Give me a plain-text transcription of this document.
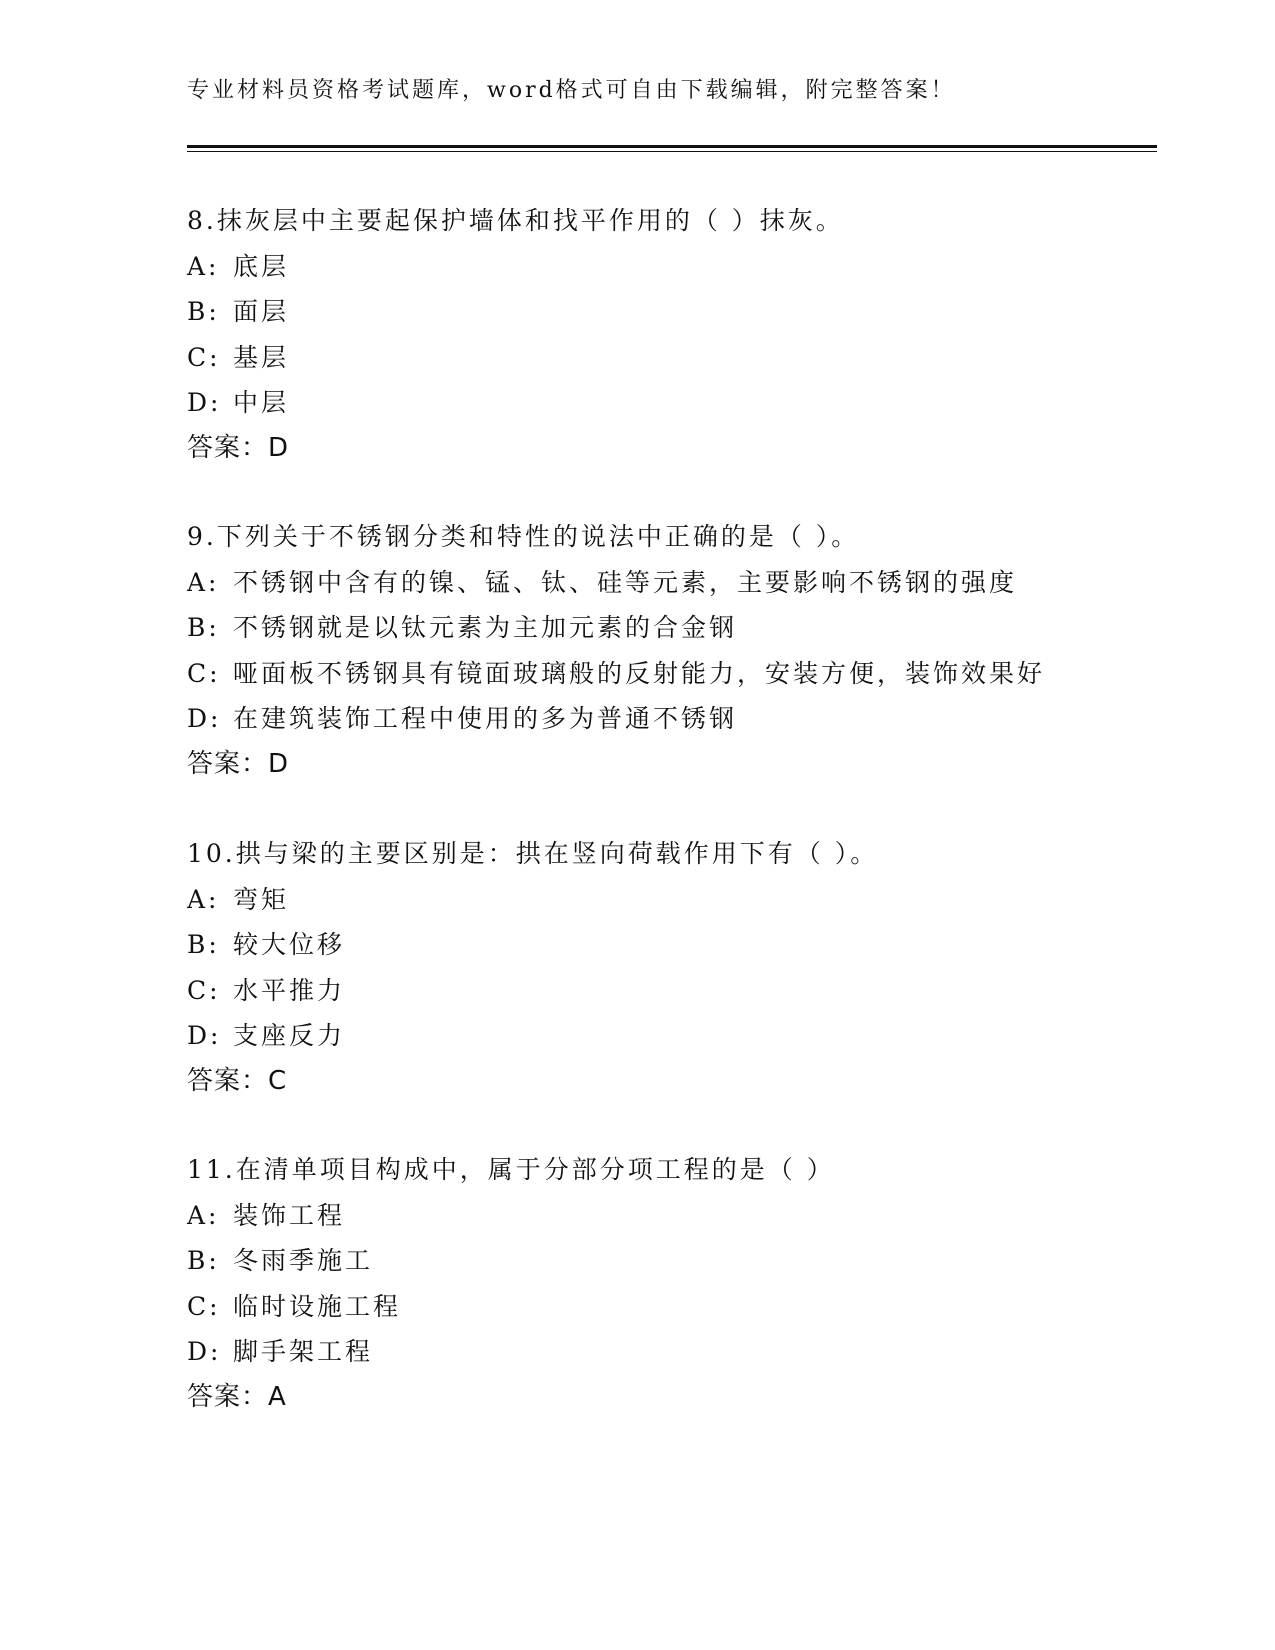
专业材料员资格考试题库，word格式可自由下载编辑，附完整答案！
8.抹灰层中主要起保护墙体和找平作用的（ ）抹灰。
A: 底层
B: 面层
C: 基层
D: 中层
答案：D
9.下列关于不锈钢分类和特性的说法中正确的是（ ）。
A: 不锈钢中含有的镍、锰、钛、硅等元素，主要影响不锈钢的强度
B: 不锈钢就是以钛元素为主加元素的合金钢
C: 哑面板不锈钢具有镜面玻璃般的反射能力，安装方便，装饰效果好
D: 在建筑装饰工程中使用的多为普通不锈钢
答案：D
10.拱与梁的主要区别是：拱在竖向荷载作用下有（ ）。
A: 弯矩
B: 较大位移
C: 水平推力
D: 支座反力
答案：C
11.在清单项目构成中，属于分部分项工程的是（ ）
A: 装饰工程
B: 冬雨季施工
C: 临时设施工程
D: 脚手架工程
答案：A
